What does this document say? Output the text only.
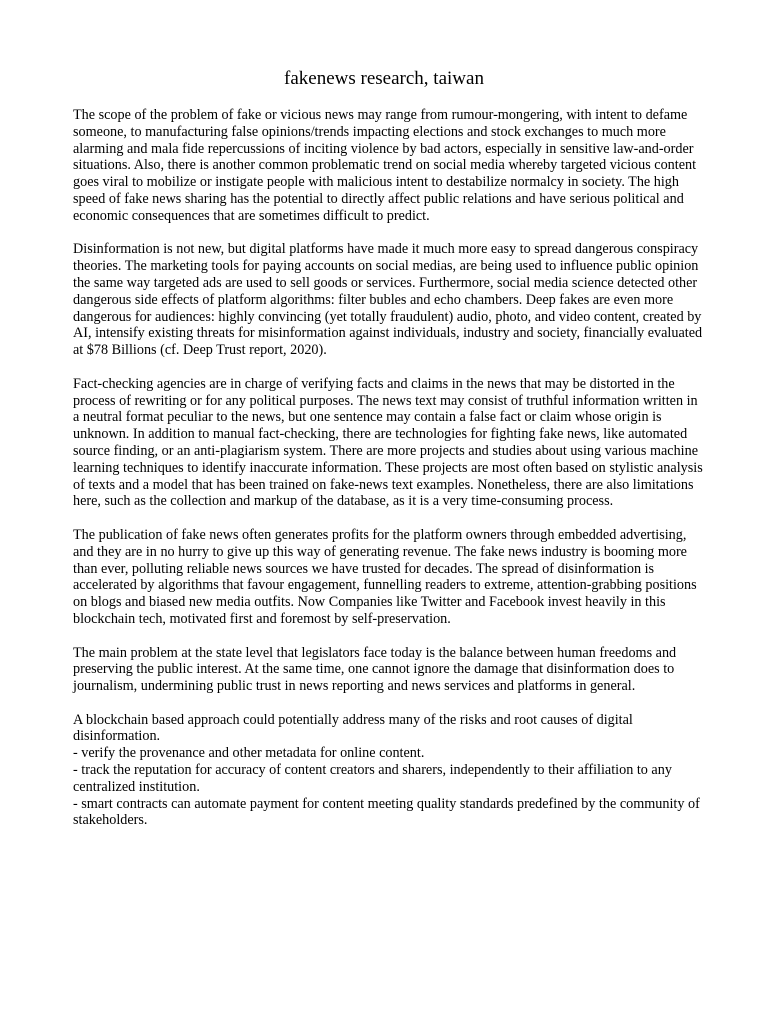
fakenews research, taiwan

The scope of the problem of fake or vicious news may range from rumour-mongering, with intent to defame someone, to manufacturing false opinions/trends impacting elections and stock exchanges to much more alarming and mala fide repercussions of inciting violence by bad actors, especially in sensitive law-and-order situations. Also, there is another common problematic trend on social media whereby targeted vicious content goes viral to mobilize or instigate people with malicious intent to destabilize normalcy in society. The high speed of fake news sharing has the potential to directly affect public relations and have serious political and economic consequences that are sometimes difficult to predict.

Disinformation is not new, but digital platforms have made it much more easy to spread dangerous conspiracy theories. The marketing tools for paying accounts on social medias, are being used to influence public opinion the same way targeted ads are used to sell goods or services. Furthermore, social media science detected other dangerous side effects of platform algorithms: filter bubles and echo chambers. Deep fakes are even more dangerous for audiences: highly convincing (yet totally fraudulent) audio, photo, and video content, created by AI, intensify existing threats for misinformation against individuals, industry and society, financially evaluated at $78 Billions (cf. Deep Trust report, 2020).

Fact-checking agencies are in charge of verifying facts and claims in the news that may be distorted in the process of rewriting or for any political purposes. The news text may consist of truthful information written in a neutral format peculiar to the news, but one sentence may contain a false fact or claim whose origin is unknown. In addition to manual fact-checking, there are technologies for fighting fake news, like automated source finding, or an anti-plagiarism system. There are more projects and studies about using various machine learning techniques to identify inaccurate information. These projects are most often based on stylistic analysis of texts and a model that has been trained on fake-news text examples. Nonetheless, there are also limitations here, such as the collection and markup of the database, as it is a very time-consuming process.

The publication of fake news often generates profits for the platform owners through embedded advertising, and they are in no hurry to give up this way of generating revenue. The fake news industry is booming more than ever, polluting reliable news sources we have trusted for decades. The spread of disinformation is accelerated by algorithms that favour engagement, funnelling readers to extreme, attention-grabbing positions on blogs and biased new media outfits. Now Companies like Twitter and Facebook invest heavily in this blockchain tech, motivated first and foremost by self-preservation.

The main problem at the state level that legislators face today is the balance between human freedoms and preserving the public interest. At the same time, one cannot ignore the damage that disinformation does to journalism, undermining public trust in news reporting and news services and platforms in general.

A blockchain based approach could potentially address many of the risks and root causes of digital disinformation.

- verify the provenance and other metadata for online content.

- track the reputation for accuracy of content creators and sharers, independently to their affiliation to any centralized institution.

- smart contracts can automate payment for content meeting quality standards predefined by the community of stakeholders.
